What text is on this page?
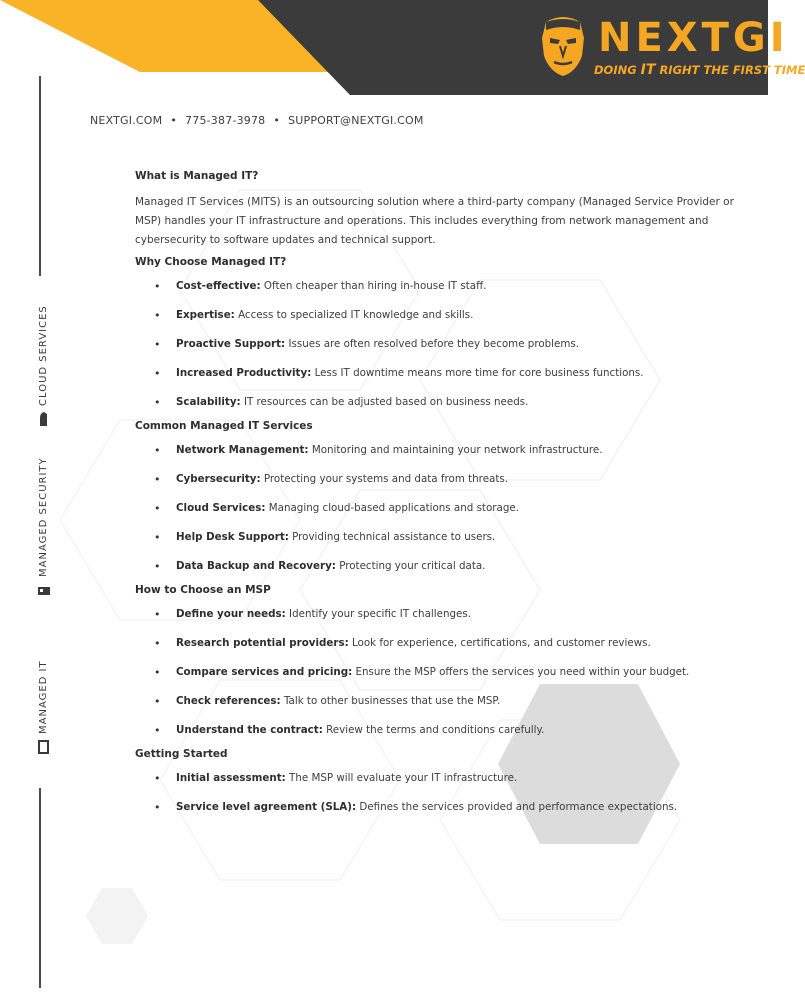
NEXTGI
DOING IT RIGHT THE FIRST TIME
NEXTGI.COM • 775-387-3978 • SUPPORT@NEXTGI.COM
CLOUD SERVICES
MANAGED SECURITY
MANAGED IT
What is Managed IT?

Managed IT Services (MITS) is an outsourcing solution where a third-party company (Managed Service Provider or MSP) handles your IT infrastructure and operations. This includes everything from network management and cybersecurity to software updates and technical support.

Why Choose Managed IT?
• Cost-effective: Often cheaper than hiring in-house IT staff.
• Expertise: Access to specialized IT knowledge and skills.
• Proactive Support: Issues are often resolved before they become problems.
• Increased Productivity: Less IT downtime means more time for core business functions.
• Scalability: IT resources can be adjusted based on business needs.
Common Managed IT Services
• Network Management: Monitoring and maintaining your network infrastructure.
• Cybersecurity: Protecting your systems and data from threats.
• Cloud Services: Managing cloud-based applications and storage.
• Help Desk Support: Providing technical assistance to users.
• Data Backup and Recovery: Protecting your critical data.
How to Choose an MSP
• Define your needs: Identify your specific IT challenges.
• Research potential providers: Look for experience, certifications, and customer reviews.
• Compare services and pricing: Ensure the MSP offers the services you need within your budget.
• Check references: Talk to other businesses that use the MSP.
• Understand the contract: Review the terms and conditions carefully.
Getting Started
• Initial assessment: The MSP will evaluate your IT infrastructure.
• Service level agreement (SLA): Defines the services provided and performance expectations.
